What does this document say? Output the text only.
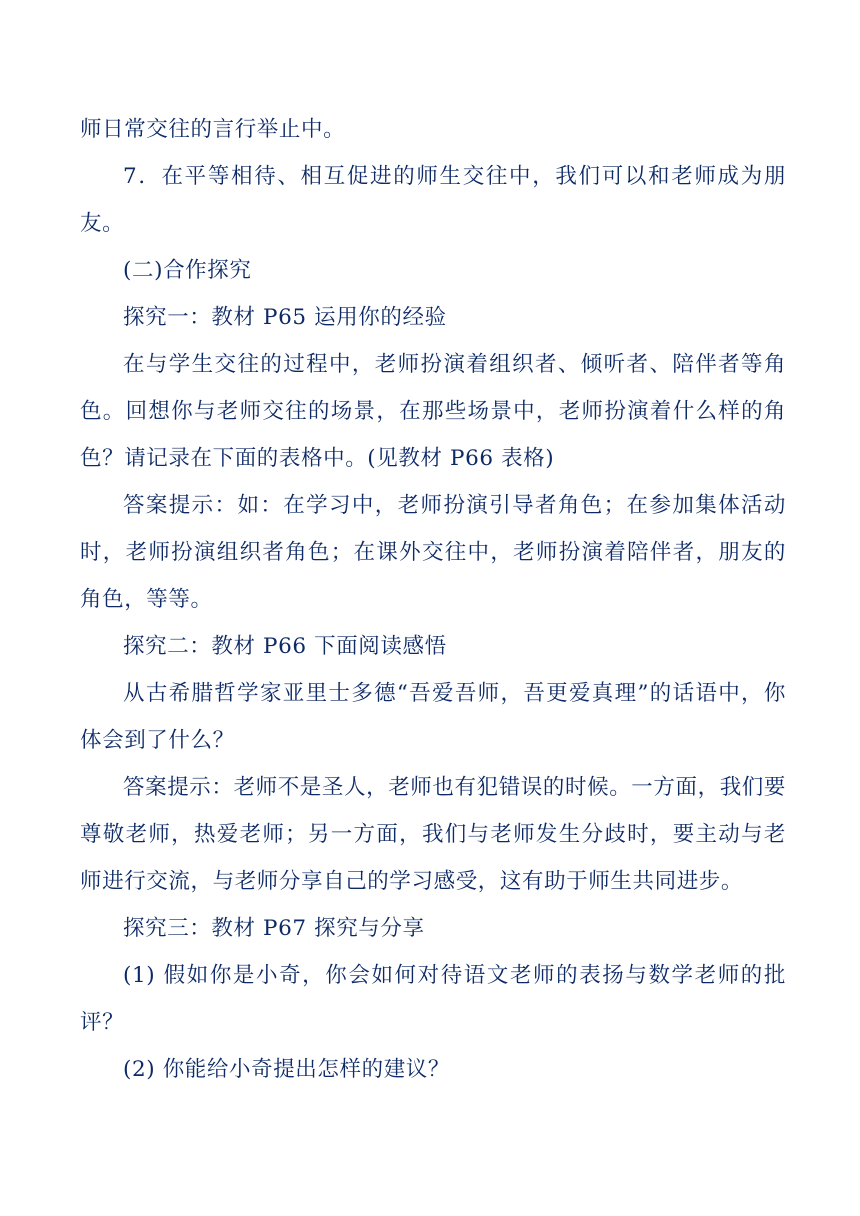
师日常交往的言行举止中。

7．在平等相待、相互促进的师生交往中，我们可以和老师成为朋友。

(二)合作探究

探究一：教材 P65 运用你的经验

在与学生交往的过程中，老师扮演着组织者、倾听者、陪伴者等角色。回想你与老师交往的场景，在那些场景中，老师扮演着什么样的角色？请记录在下面的表格中。(见教材 P66 表格)

答案提示：如：在学习中，老师扮演引导者角色；在参加集体活动时，老师扮演组织者角色；在课外交往中，老师扮演着陪伴者，朋友的角色，等等。

探究二：教材 P66 下面阅读感悟

从古希腊哲学家亚里士多德“吾爱吾师，吾更爱真理”的话语中，你体会到了什么？

答案提示：老师不是圣人，老师也有犯错误的时候。一方面，我们要尊敬老师，热爱老师；另一方面，我们与老师发生分歧时，要主动与老师进行交流，与老师分享自己的学习感受，这有助于师生共同进步。

探究三：教材 P67 探究与分享

(1) 假如你是小奇，你会如何对待语文老师的表扬与数学老师的批评？

(2) 你能给小奇提出怎样的建议？
